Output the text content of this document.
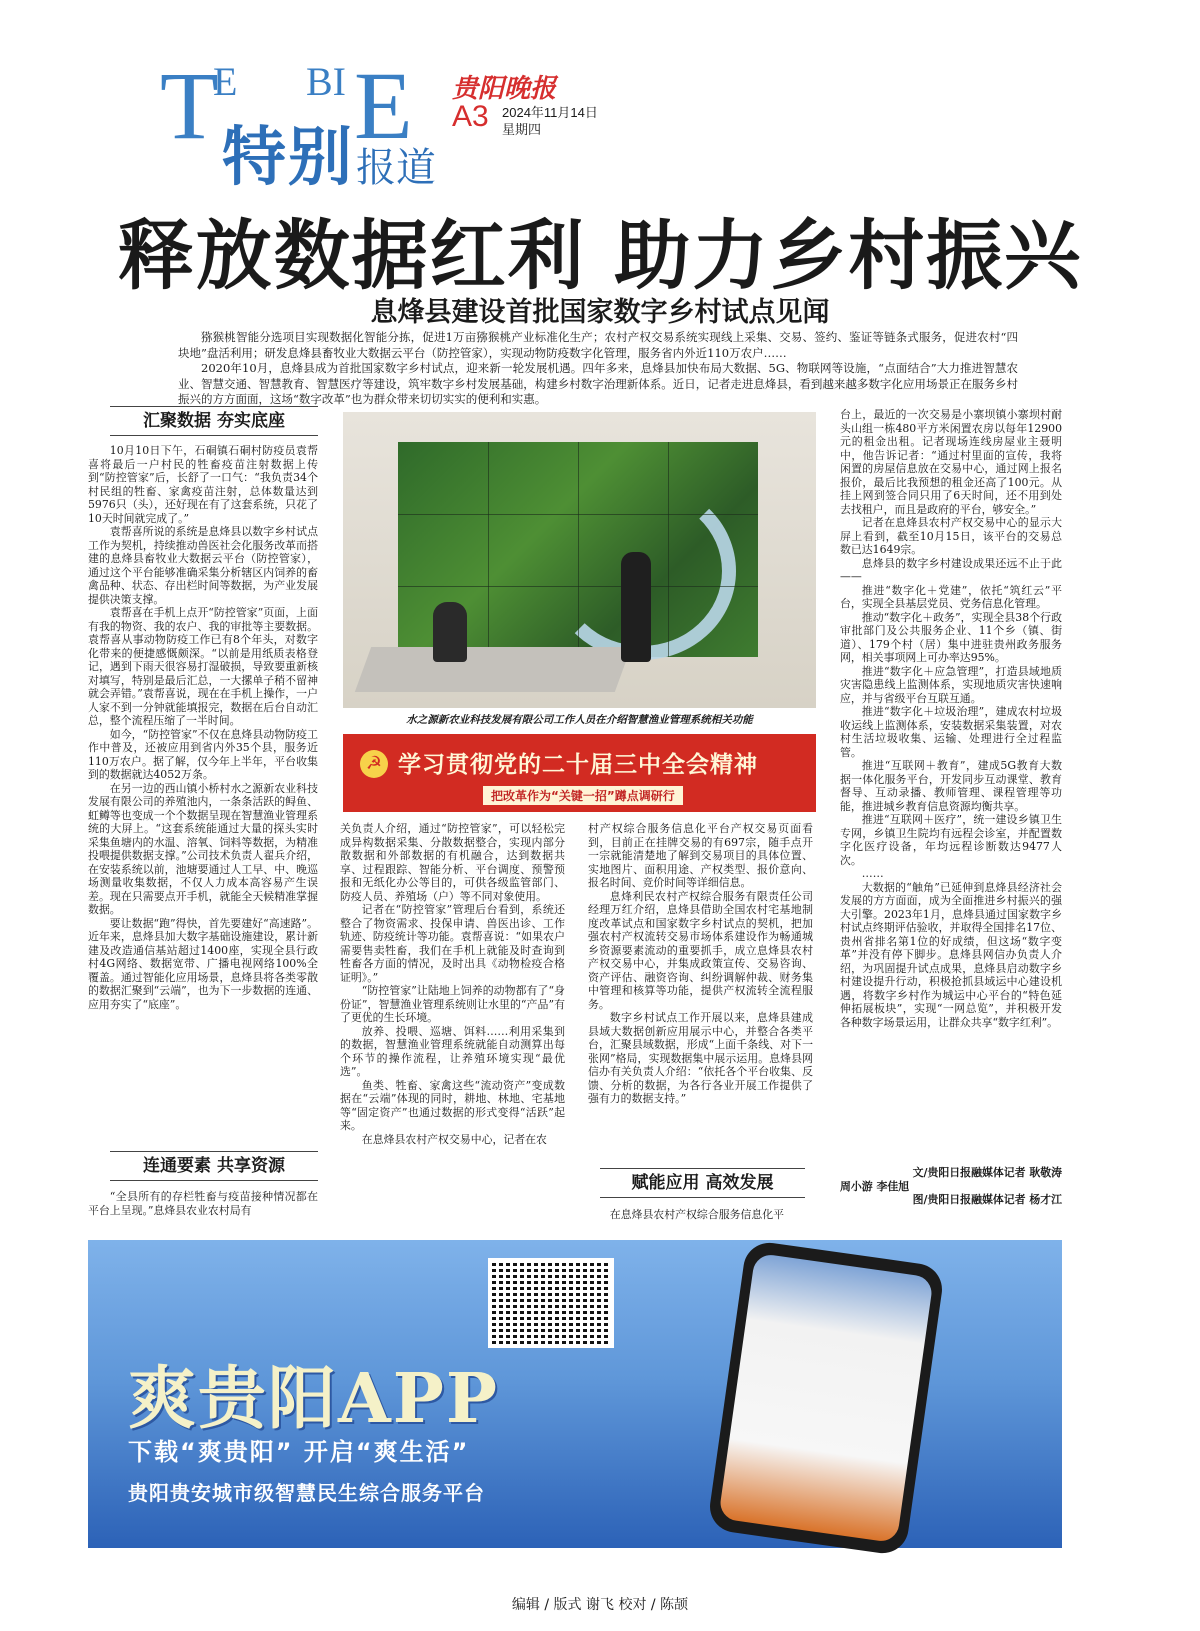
T
E BI E
特别 报道
贵阳晚报
A3 2024年11月14日
星期四
释放数据红利 助力乡村振兴
息烽县建设首批国家数字乡村试点见闻

猕猴桃智能分选项目实现数据化智能分拣，促进1万亩猕猴桃产业标准化生产；农村产权交易系统实现线上采集、交易、签约、鉴证等链条式服务，促进农村“四块地”盘活利用；研发息烽县畜牧业大数据云平台（防控管家），实现动物防疫数字化管理，服务省内外近110万农户……

2020年10月，息烽县成为首批国家数字乡村试点，迎来新一轮发展机遇。四年多来，息烽县加快布局大数据、5G、物联网等设施，“点面结合”大力推进智慧农业、智慧交通、智慧教育、智慧医疗等建设，筑牢数字乡村发展基础，构建乡村数字治理新体系。近日，记者走进息烽县，看到越来越多数字化应用场景正在服务乡村振兴的方方面面，这场“数字改革”也为群众带来切切实实的便利和实惠。

汇聚数据 夯实底座

10月10日下午，石硐镇石硐村防疫员袁帮喜将最后一户村民的牲畜疫苗注射数据上传到“防控管家”后，长舒了一口气：“我负责34个村民组的牲畜、家禽疫苗注射，总体数量达到5976只（头），还好现在有了这套系统，只花了10天时间就完成了。”

袁帮喜所说的系统是息烽县以数字乡村试点工作为契机，持续推动兽医社会化服务改革而搭建的息烽县畜牧业大数据云平台（防控管家），通过这个平台能够准确采集分析辖区内饲养的畜禽品种、状态、存出栏时间等数据，为产业发展提供决策支撑。

袁帮喜在手机上点开“防控管家”页面，上面有我的物资、我的农户、我的审批等主要数据。袁帮喜从事动物防疫工作已有8个年头，对数字化带来的便捷感慨颇深。“以前是用纸质表格登记，遇到下雨天很容易打湿破损，导致要重新核对填写，特别是最后汇总，一大摞单子稍不留神就会弄错。”袁帮喜说，现在在手机上操作，一户人家不到一分钟就能填报完，数据在后台自动汇总，整个流程压缩了一半时间。

如今，“防控管家”不仅在息烽县动物防疫工作中普及，还被应用到省内外35个县，服务近110万农户。据了解，仅今年上半年，平台收集到的数据就达4052万条。

在另一边的西山镇小桥村水之源新农业科技发展有限公司的养殖池内，一条条活跃的鲟鱼、虹鳟等也变成一个个数据呈现在智慧渔业管理系统的大屏上。“这套系统能通过大量的探头实时采集鱼塘内的水温、溶氧、饲料等数据，为精准投喂提供数据支撑。”公司技术负责人翟兵介绍，在安装系统以前，池塘要通过人工早、中、晚巡场测量收集数据，不仅人力成本高容易产生误差。现在只需要点开手机，就能全天候精准掌握数据。

要让数据“跑”得快，首先要建好“高速路”。近年来，息烽县加大数字基础设施建设，累计新建及改造通信基站超过1400座，实现全县行政村4G网络、数据宽带、广播电视网络100%全覆盖。通过智能化应用场景，息烽县将各类零散的数据汇聚到“云端”，也为下一步数据的连通、应用夯实了“底座”。

连通要素 共享资源

“全县所有的存栏牲畜与疫苗接种情况都在平台上呈现。”息烽县农业农村局有

水之源新农业科技发展有限公司工作人员在介绍智慧渔业管理系统相关功能
☭ 学习贯彻党的二十届三中全会精神
把改革作为“关键一招”蹲点调研行

关负责人介绍，通过“防控管家”，可以轻松完成异构数据采集、分散数据整合，实现内部分散数据和外部数据的有机融合，达到数据共享、过程跟踪、智能分析、平台调度、预警预报和无纸化办公等目的，可供各级监管部门、防疫人员、养殖场（户）等不同对象使用。

记者在“防控管家”管理后台看到，系统还整合了物资需求、投保申请、兽医出诊、工作轨迹、防疫统计等功能。袁帮喜说：“如果农户需要售卖牲畜，我们在手机上就能及时查询到牲畜各方面的情况，及时出具《动物检疫合格证明》。”

“防控管家”让陆地上饲养的动物都有了“身份证”，智慧渔业管理系统则让水里的“产品”有了更优的生长环境。

放养、投喂、巡塘、饵料……利用采集到的数据，智慧渔业管理系统就能自动测算出每个环节的操作流程，让养殖环境实现“最优选”。

鱼类、牲畜、家禽这些“流动资产”变成数据在“云端”体现的同时，耕地、林地、宅基地等“固定资产”也通过数据的形式变得“活跃”起来。

在息烽县农村产权交易中心，记者在农

村产权综合服务信息化平台产权交易页面看到，目前正在挂牌交易的有697宗，随手点开一宗就能清楚地了解到交易项目的具体位置、实地图片、面积用途、产权类型、报价意向、报名时间、竞价时间等详细信息。

息烽利民农村产权综合服务有限责任公司经理万红介绍，息烽县借助全国农村宅基地制度改革试点和国家数字乡村试点的契机，把加强农村产权流转交易市场体系建设作为畅通城乡资源要素流动的重要抓手，成立息烽县农村产权交易中心，并集成政策宣传、交易咨询、资产评估、融资咨询、纠纷调解仲裁、财务集中管理和核算等功能，提供产权流转全流程服务。

数字乡村试点工作开展以来，息烽县建成县域大数据创新应用展示中心，并整合各类平台，汇聚县域数据，形成“上面千条线、对下一张网”格局，实现数据集中展示运用。息烽县网信办有关负责人介绍：“依托各个平台收集、反馈、分析的数据，为各行各业开展工作提供了强有力的数据支持。”

赋能应用 高效发展

在息烽县农村产权综合服务信息化平

台上，最近的一次交易是小寨坝镇小寨坝村耐头山组一栋480平方米闲置农房以每年12900元的租金出租。记者现场连线房屋业主聂明中，他告诉记者：“通过村里面的宣传，我将闲置的房屋信息放在交易中心，通过网上报名报价，最后比我预想的租金还高了100元。从挂上网到签合同只用了6天时间，还不用到处去找租户，而且是政府的平台，够安全。”

记者在息烽县农村产权交易中心的显示大屏上看到，截至10月15日，该平台的交易总数已达1649宗。

息烽县的数字乡村建设成果还远不止于此——

推进“数字化＋党建”，依托“筑红云”平台，实现全县基层党员、党务信息化管理。

推动“数字化＋政务”，实现全县38个行政审批部门及公共服务企业、11个乡（镇、街道）、179个村（居）集中进驻贵州政务服务网，相关事项网上可办率达95%。

推进“数字化＋应急管理”，打造县域地质灾害隐患线上监测体系，实现地质灾害快速响应，并与省级平台互联互通。

推进“数字化＋垃圾治理”，建成农村垃圾收运线上监测体系，安装数据采集装置，对农村生活垃圾收集、运输、处理进行全过程监管。

推进“互联网＋教育”，建成5G教育大数据一体化服务平台，开发同步互动课堂、教育督导、互动录播、教师管理、课程管理等功能，推进城乡教育信息资源均衡共享。

推进“互联网＋医疗”，统一建设乡镇卫生专网，乡镇卫生院均有远程会诊室，并配置数字化医疗设备，年均远程诊断数达9477人次。

……

大数据的“触角”已延伸到息烽县经济社会发展的方方面面，成为全面推进乡村振兴的强大引擎。2023年1月，息烽县通过国家数字乡村试点终期评估验收，并取得全国排名17位、贵州省排名第1位的好成绩，但这场“数字变革”并没有停下脚步。息烽县网信办负责人介绍，为巩固提升试点成果，息烽县启动数字乡村建设提升行动，积极抢抓县域运中心建设机遇，将数字乡村作为城运中心平台的“特色延伸拓展板块”，实现“一网总览”，并积极开发各种数字场景运用，让群众共享“数字红利”。

文/贵阳日报融媒体记者 耿敬涛
周小游 李佳旭
图/贵阳日报融媒体记者 杨才江
爽贵阳APP
下载“爽贵阳” 开启“爽生活”
贵阳贵安城市级智慧民生综合服务平台
编辑 / 版式 谢飞 校对 / 陈颉
